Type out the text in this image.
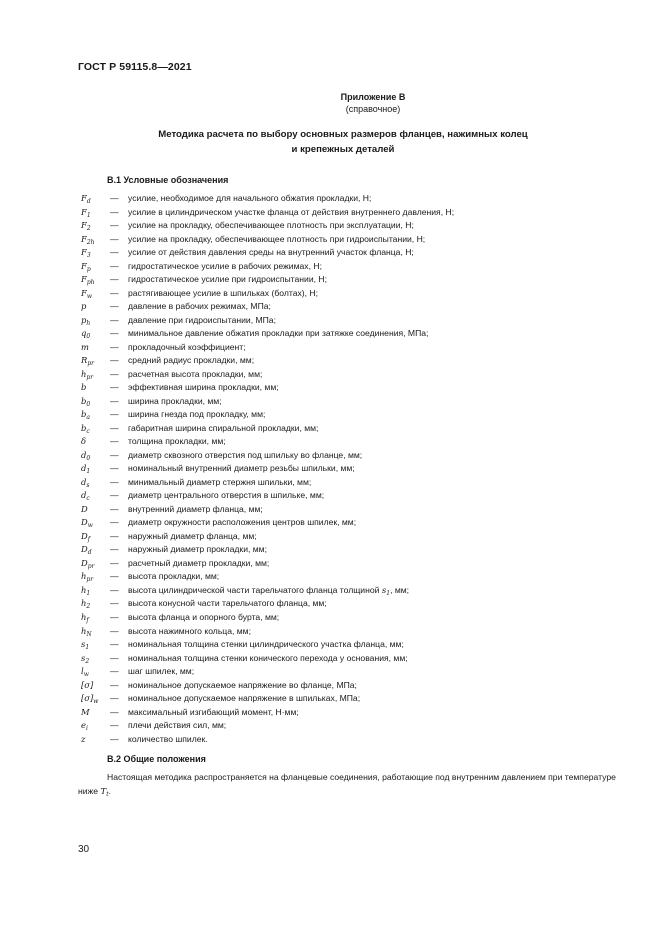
ГОСТ Р 59115.8—2021
Приложение В
(справочное)
Методика расчета по выбору основных размеров фланцев, нажимных колец
и крепежных деталей
В.1 Условные обозначения
$F_d$ — усилие, необходимое для начального обжатия прокладки, Н;
$F_1$ — усилие в цилиндрическом участке фланца от действия внутреннего давления, Н;
$F_2$ — усилие на прокладку, обеспечивающее плотность при эксплуатации, Н;
$F_{2h}$ — усилие на прокладку, обеспечивающее плотность при гидроиспытании, Н;
$F_3$ — усилие от действия давления среды на внутренний участок фланца, Н;
$F_p$ — гидростатическое усилие в рабочих режимах, Н;
$F_{ph}$ — гидростатическое усилие при гидроиспытании, Н;
$F_w$ — растягивающее усилие в шпильках (болтах), Н;
p	— давление в рабочих режимах, МПа;
$p_h$ — давление при гидроиспытании, МПа;
$q_0$ — минимальное давление обжатия прокладки при затяжке соединения, МПа;
m — прокладочный коэффициент;
$R_{pr}$ — средний радиус прокладки, мм;
$h_{pr}$ — расчетная высота прокладки, мм;
b	— эффективная ширина прокладки, мм;
$b_0$ — ширина прокладки, мм;
$b_a$ — ширина гнезда под прокладку, мм;
$b_c$ — габаритная ширина спиральной прокладки, мм;
δ	— толщина прокладки, мм;
$d_0$ — диаметр сквозного отверстия под шпильку во фланце, мм;
$d_1$ — номинальный внутренний диаметр резьбы шпильки, мм;
$d_s$ — минимальный диаметр стержня шпильки, мм;
$d_c$ — диаметр центрального отверстия в шпильке, мм;
D	— внутренний диаметр фланца, мм;
$D_w$ — диаметр окружности расположения центров шпилек, мм;
$D_f$ — наружный диаметр фланца, мм;
$D_d$ — наружный диаметр прокладки, мм;
$D_{pr}$ — расчетный диаметр прокладки, мм;
$h_{pr}$ — высота прокладки, мм;
$h_1$ — высота цилиндрической части тарельчатого фланца толщиной $s_1$, мм;
$h_2$ — высота конусной части тарельчатого фланца, мм;
$h_f$ — высота фланца и опорного бурта, мм;
$h_N$ — высота нажимного кольца, мм;
$s_1$ — номинальная толщина стенки цилиндрического участка фланца, мм;
$s_2$ — номинальная толщина стенки конического перехода у основания, мм;
$l_w$ — шаг шпилек, мм;
[σ] — номинальное допускаемое напряжение во фланце, МПа;
$[\sigma]_w$ — номинальное допускаемое напряжение в шпильках, МПа;
M — максимальный изгибающий момент, Н·мм;
$e_i$	— плечи действия сил, мм;
z	— количество шпилек.
В.2 Общие положения
Настоящая методика распространяется на фланцевые соединения, работающие под внутренним давлением при температуре ниже $T_t$.
30
